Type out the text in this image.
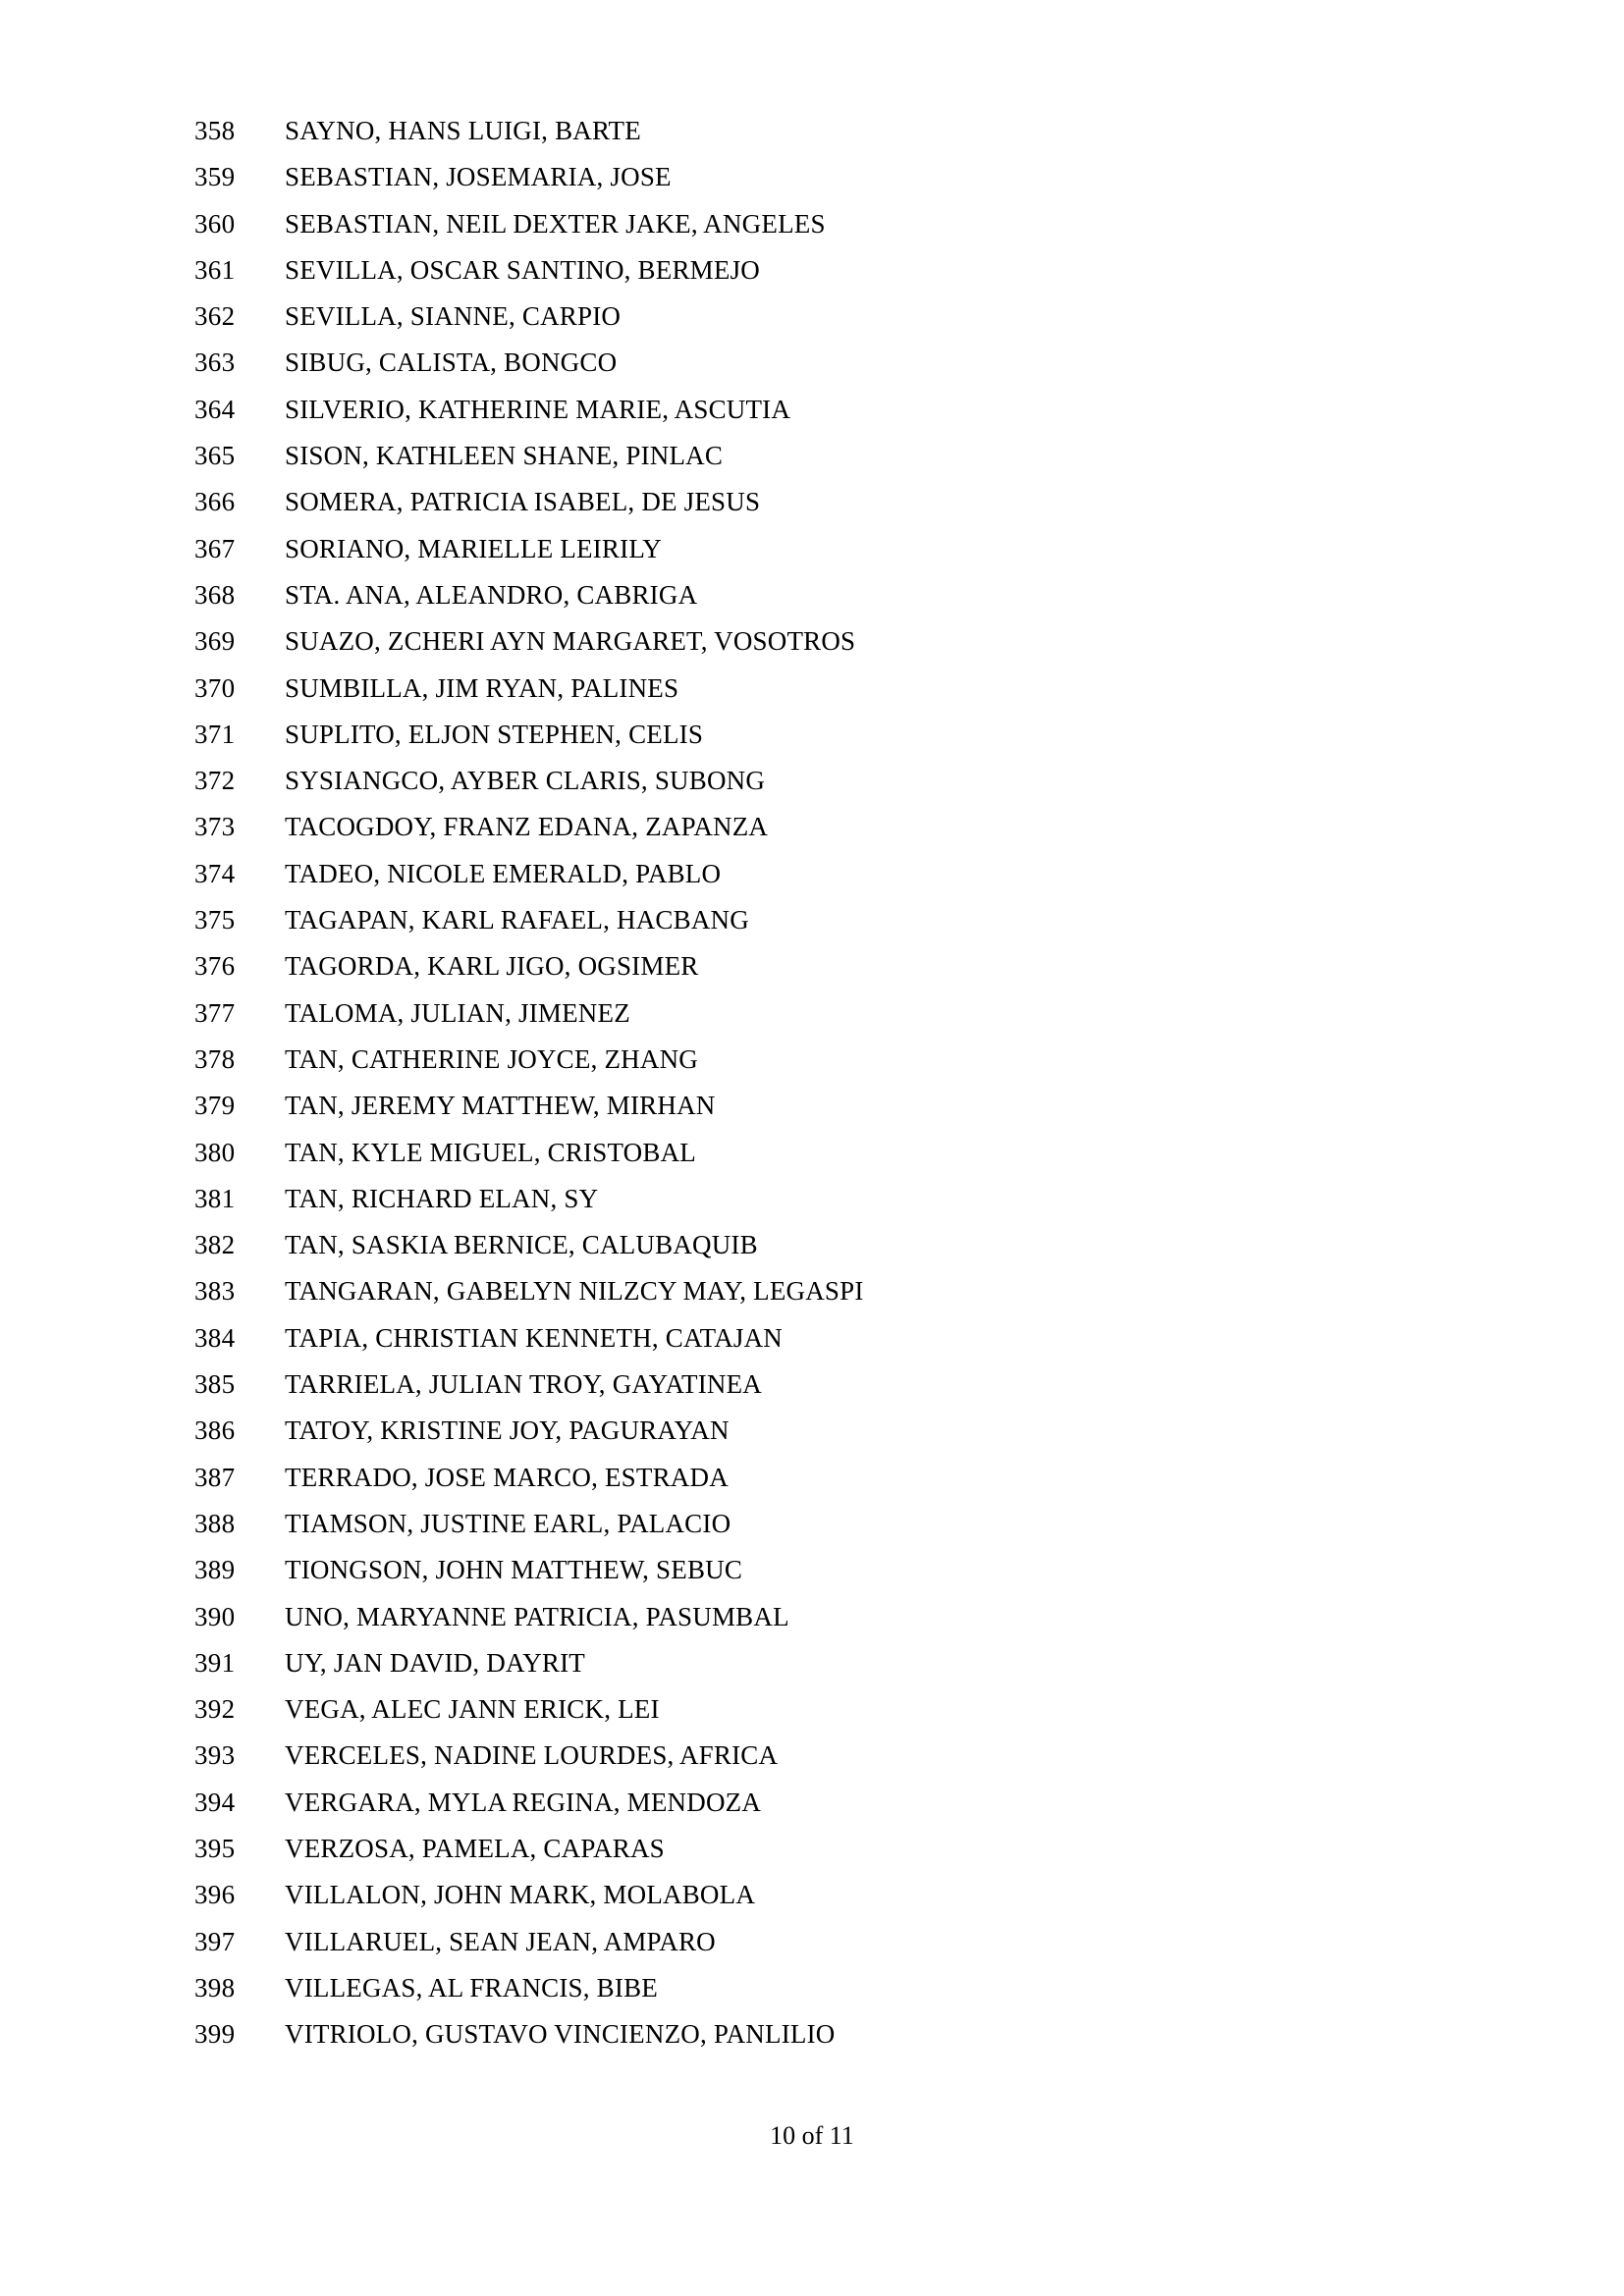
358	SAYNO, HANS LUIGI, BARTE
359	SEBASTIAN, JOSEMARIA, JOSE
360	SEBASTIAN, NEIL DEXTER JAKE, ANGELES
361	SEVILLA, OSCAR SANTINO, BERMEJO
362	SEVILLA, SIANNE, CARPIO
363	SIBUG, CALISTA, BONGCO
364	SILVERIO, KATHERINE MARIE, ASCUTIA
365	SISON, KATHLEEN SHANE, PINLAC
366	SOMERA, PATRICIA ISABEL, DE JESUS
367	SORIANO, MARIELLE LEIRILY
368	STA. ANA, ALEANDRO, CABRIGA
369	SUAZO, ZCHERI AYN MARGARET, VOSOTROS
370	SUMBILLA, JIM RYAN, PALINES
371	SUPLITO, ELJON STEPHEN, CELIS
372	SYSIANGCO, AYBER CLARIS, SUBONG
373	TACOGDOY, FRANZ EDANA, ZAPANZA
374	TADEO, NICOLE EMERALD, PABLO
375	TAGAPAN, KARL RAFAEL, HACBANG
376	TAGORDA, KARL JIGO, OGSIMER
377	TALOMA, JULIAN, JIMENEZ
378	TAN, CATHERINE JOYCE, ZHANG
379	TAN, JEREMY MATTHEW, MIRHAN
380	TAN, KYLE MIGUEL, CRISTOBAL
381	TAN, RICHARD ELAN, SY
382	TAN, SASKIA BERNICE, CALUBAQUIB
383	TANGARAN, GABELYN NILZCY MAY, LEGASPI
384	TAPIA, CHRISTIAN KENNETH, CATAJAN
385	TARRIELA, JULIAN TROY, GAYATINEA
386	TATOY, KRISTINE JOY, PAGURAYAN
387	TERRADO, JOSE MARCO, ESTRADA
388	TIAMSON, JUSTINE EARL, PALACIO
389	TIONGSON, JOHN MATTHEW, SEBUC
390	UNO, MARYANNE PATRICIA, PASUMBAL
391	UY, JAN DAVID, DAYRIT
392	VEGA, ALEC JANN ERICK, LEI
393	VERCELES, NADINE LOURDES, AFRICA
394	VERGARA, MYLA REGINA, MENDOZA
395	VERZOSA, PAMELA, CAPARAS
396	VILLALON, JOHN MARK, MOLABOLA
397	VILLARUEL, SEAN JEAN, AMPARO
398	VILLEGAS, AL FRANCIS, BIBE
399	VITRIOLO, GUSTAVO VINCIENZO, PANLILIO
10 of 11
